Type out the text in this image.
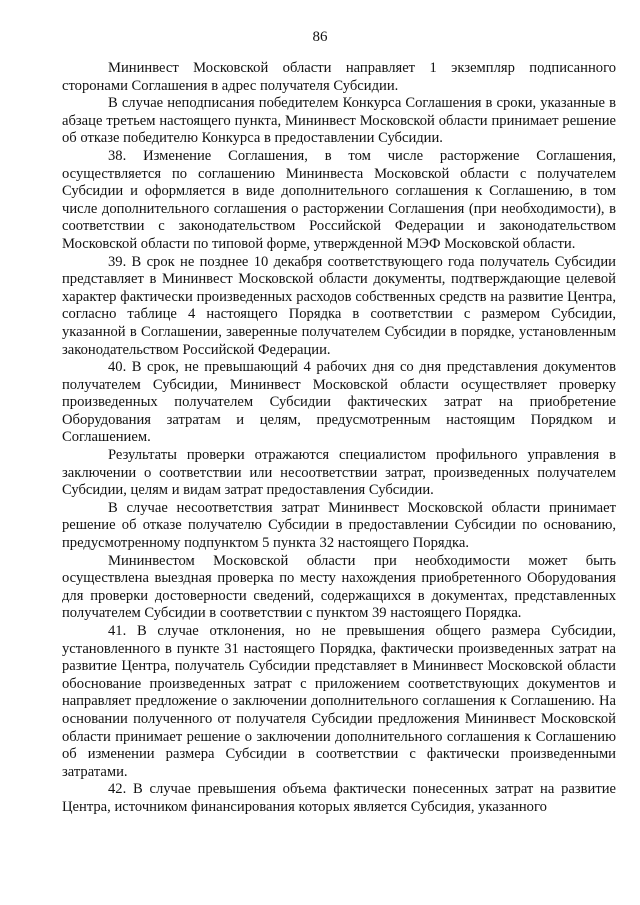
86

Мининвест Московской области направляет 1 экземпляр подписанного сторонами Соглашения в адрес получателя Субсидии.

В случае неподписания победителем Конкурса Соглашения в сроки, указанные в абзаце третьем настоящего пункта, Мининвест Московской области принимает решение об отказе победителю Конкурса в предоставлении Субсидии.

38. Изменение Соглашения, в том числе расторжение Соглашения, осуществляется по соглашению Мининвеста Московской области с получателем Субсидии и оформляется в виде дополнительного соглашения к Соглашению, в том числе дополнительного соглашения о расторжении Соглашения (при необходимости), в соответствии с законодательством Российской Федерации и законодательством Московской области по типовой форме, утвержденной МЭФ Московской области.

39. В срок не позднее 10 декабря соответствующего года получатель Субсидии представляет в Мининвест Московской области документы, подтверждающие целевой характер фактически произведенных расходов собственных средств на развитие Центра, согласно таблице 4 настоящего Порядка в соответствии с размером Субсидии, указанной в Соглашении, заверенные получателем Субсидии в порядке, установленным законодательством Российской Федерации.

40. В срок, не превышающий 4 рабочих дня со дня представления документов получателем Субсидии, Мининвест Московской области осуществляет проверку произведенных получателем Субсидии фактических затрат на приобретение Оборудования затратам и целям, предусмотренным настоящим Порядком и Соглашением.

Результаты проверки отражаются специалистом профильного управления в заключении о соответствии или несоответствии затрат, произведенных получателем Субсидии, целям и видам затрат предоставления Субсидии.

В случае несоответствия затрат Мининвест Московской области принимает решение об отказе получателю Субсидии в предоставлении Субсидии по основанию, предусмотренному подпунктом 5 пункта 32 настоящего Порядка.

Мининвестом Московской области при необходимости может быть осуществлена выездная проверка по месту нахождения приобретенного Оборудования для проверки достоверности сведений, содержащихся в документах, представленных получателем Субсидии в соответствии с пунктом 39 настоящего Порядка.

41. В случае отклонения, но не превышения общего размера Субсидии, установленного в пункте 31 настоящего Порядка, фактически произведенных затрат на развитие Центра, получатель Субсидии представляет в Мининвест Московской области обоснование произведенных затрат с приложением соответствующих документов и направляет предложение о заключении дополнительного соглашения к Соглашению. На основании полученного от получателя Субсидии предложения Мининвест Московской области принимает решение о заключении дополнительного соглашения к Соглашению об изменении размера Субсидии в соответствии с фактически произведенными затратами.

42. В случае превышения объема фактически понесенных затрат на развитие Центра, источником финансирования которых является Субсидия, указанного
